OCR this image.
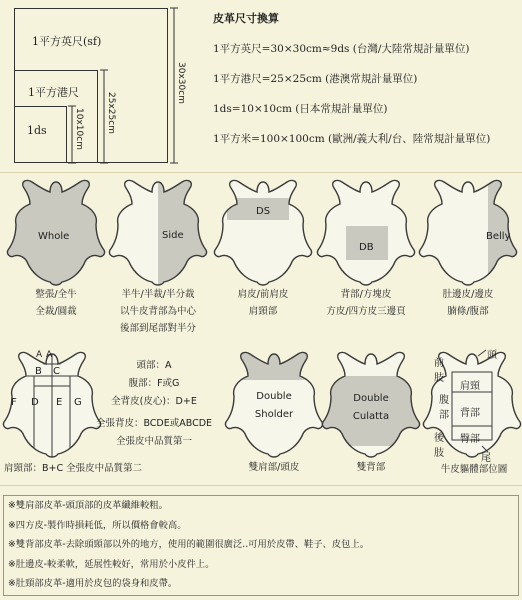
1平方英尺(sf)
1平方港尺
1ds
30x30cm
25x25cm
10x10cm
皮革尺寸換算
1平方英尺=30×30cm≈9ds (台灣/大陸常規計量單位)
1平方港尺=25×25cm (港澳常規計量單位)
1ds=10×10cm (日本常規計量單位)
1平方米=100×100cm (歐洲/義大利/台、陸常規計量單位)
Whole	Side
DS
DB
Belly
整張/全牛
全裁/圓裁
半牛/半裁/半分裁
以牛皮背部為中心
後部到尾部對半分
肩皮/前肩皮
肩頸部
背部/方塊皮
方皮/四方皮三邊頁
肚邊皮/邊皮
腩條/腹部
A A
B C
F D E G
肩頸部：B+C 全張皮中品質第二
頭部：A
腹部：F或G
全背皮(皮心)：D+E
全張背皮：BCDE或ABCDE
全張皮中品質第一
Double
Sholder
雙肩部/頭皮
Double
Culatta
雙背部
頭
前
肢
腹
部
後
肢	尾
肩頸
背部
臀部
牛皮軀體部位圖
※雙肩部皮革-頭頂部的皮革纖維較粗。
※四方皮-製作時損耗低，所以價格會較高。
※雙背部皮革-去除頭頸部以外的地方，使用的範圍很廣泛..可用於皮帶、鞋子、皮包上。
※肚邊皮-較柔軟，延展性較好，常用於小皮件上。
※肚頸部皮革-適用於皮包的袋身和皮帶。
